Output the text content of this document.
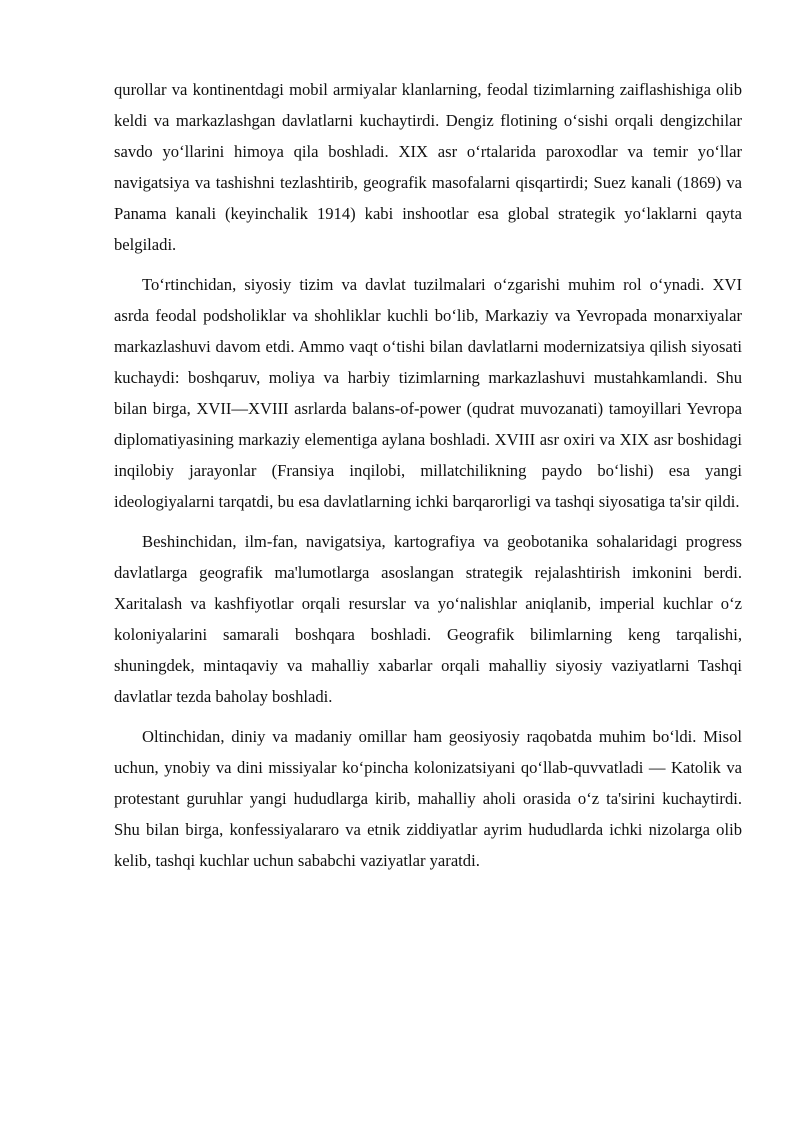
qurollar va kontinentdagi mobil armiyalar klanlarning, feodal tizimlarning zaiflashishiga olib keldi va markazlashgan davlatlarni kuchaytirdi. Dengiz flotining o‘sishi orqali dengizchilar savdo yo‘llarini himoya qila boshladi. XIX asr o‘rtalarida paroxodlar va temir yo‘llar navigatsiya va tashishni tezlashtirib, geografik masofalarni qisqartirdi; Suez kanali (1869) va Panama kanali (keyinchalik 1914) kabi inshootlar esa global strategik yo‘laklarni qayta belgiladi.

To‘rtinchidan, siyosiy tizim va davlat tuzilmalari o‘zgarishi muhim rol o‘ynadi. XVI asrda feodal podsholiklar va shohliklar kuchli bo‘lib, Markaziy va Yevropada monarxiyalar markazlashuvi davom etdi. Ammo vaqt o‘tishi bilan davlatlarni modernizatsiya qilish siyosati kuchaydi: boshqaruv, moliya va harbiy tizimlarning markazlashuvi mustahkamlandi. Shu bilan birga, XVII—XVIII asrlarda balans-of-power (qudrat muvozanati) tamoyillari Yevropa diplomatiyasining markaziy elementiga aylana boshladi. XVIII asr oxiri va XIX asr boshidagi inqilobiy jarayonlar (Fransiya inqilobi, millatchilikning paydo bo‘lishi) esa yangi ideologiyalarni tarqatdi, bu esa davlatlarning ichki barqarorligi va tashqi siyosatiga ta'sir qildi.

Beshinchidan, ilm-fan, navigatsiya, kartografiya va geobotanika sohalaridagi progress davlatlarga geografik ma'lumotlarga asoslangan strategik rejalashtirish imkonini berdi. Xaritalash va kashfiyotlar orqali resurslar va yo‘nalishlar aniqlanib, imperial kuchlar o‘z koloniyalarini samarali boshqara boshladi. Geografik bilimlarning keng tarqalishi, shuningdek, mintaqaviy va mahalliy xabarlar orqali mahalliy siyosiy vaziyatlarni Tashqi davlatlar tezda baholay boshladi.

Oltinchidan, diniy va madaniy omillar ham geosiyosiy raqobatda muhim bo‘ldi. Misol uchun, ynobiy va dini missiyalar ko‘pincha kolonizatsiyani qo‘llab-quvvatladi — Katolik va protestant guruhlar yangi hududlarga kirib, mahalliy aholi orasida o‘z ta'sirini kuchaytirdi. Shu bilan birga, konfessiyalararo va etnik ziddiyatlar ayrim hududlarda ichki nizolarga olib kelib, tashqi kuchlar uchun sababchi vaziyatlar yaratdi.
